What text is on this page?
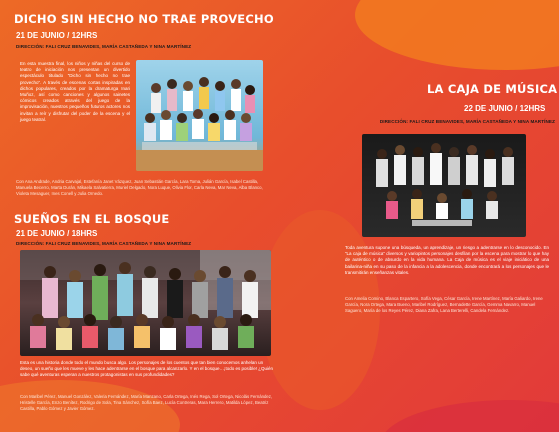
DICHO SIN HECHO NO TRAE PROVECHO
21 DE JUNIO / 12HRS
DIRECCIÓN: FALI CRUZ BENAVIDES, MARÍA CASTAÑEDA Y NINA MARTÍNEZ
En esta muestra final, los niños y niñas del curso de teatro de iniciación nos presentan un divertido espectáculo titulado “Dicho sin hecho no trae provecho”. A través de escenas cortas inspiradas en dichos populares, creados por la dramaturga Inari Muñoz, así como canciones y algunos sainetes cómicos creados através del juego de la improvisación, nuestros pequeños futuros actores nos invitan a reír y disfrutar del poder de la escena y el juego teatral.
Con Ana Andrade, Andria Carvajal, Estefanía Janet Vázquez, Juan Sebastián García, Lara Toma, Julián García, Isabel Castilla, Manuela Becerro, Marta Durán, Mikaela Salvatierra, Muriel Delgado, Nora Luque, Olivia Flor, Carla Neva, Mar Neva, Alba Blanco, Violeta Mesaguer, Ines Conell y Julia Ornedo.
SUEÑOS EN EL BOSQUE
21 DE JUNIO / 18HRS
DIRECCIÓN: FALI CRUZ BENAVIDES, MARÍA CASTAÑEDA Y NINA MARTÍNEZ
Esta es una historia donde todo el mundo busca algo. Los personajes de los cuentos que tan bien conocemos anhelan un deseo, un sueño que les mueve y les hace adentrarse en el bosque para alcanzarlo. Y en el bosque…¡todo es posible! ¿Quién sabe qué aventuras esperan a nuestros protagonistas en sus profundidades?
Con Maribel Pérez, Manuel González, Valeria Fernández, María Manzano, Carla Ortega, Inés Rega, Sol Ortega, Nicolás Fernández, Hristelle García, Enzo Benítez, Rodrigo de Sola, Tina Sánchez, Sofía Baez, Lucía Contreras, Mara Herrero, Matilda López, Beatriz Castilla, Pablo Gómez y Javier Gómez.
LA CAJA DE MÚSICA
22 DE JUNIO / 12HRS
DIRECCIÓN: FALI CRUZ BENAVIDES, MARÍA CASTAÑEDA Y NINA MARTÍNEZ
Toda aventura supone una búsqueda, un aprendizaje, un riesgo a adentrarse en lo desconocido. En “La caja de música” diversos y variopintos personajes desfilan por la escena para mostrar lo que hay de auténtico o de absurdo en la vida humana. La Caja de música es el viaje iniciático de una bailarina-niña en su paso de la infancia a la adolescencia, donde encontrará a los personajes que le transmitirán enseñanzas vitales.
Con Amelia Comino, Blanca Espartero, Sofía Vega, César García, Irene Martínez, María Galiardo, Irene García, Nora Ortega, Mara Bueno, Maribel Rodríguez, Bernadette García, Gemma Navarro, Manuel Saguero, María de los Reyes Pérez, Diana Zafra, Lana Berterelli, Candela Fernández.
